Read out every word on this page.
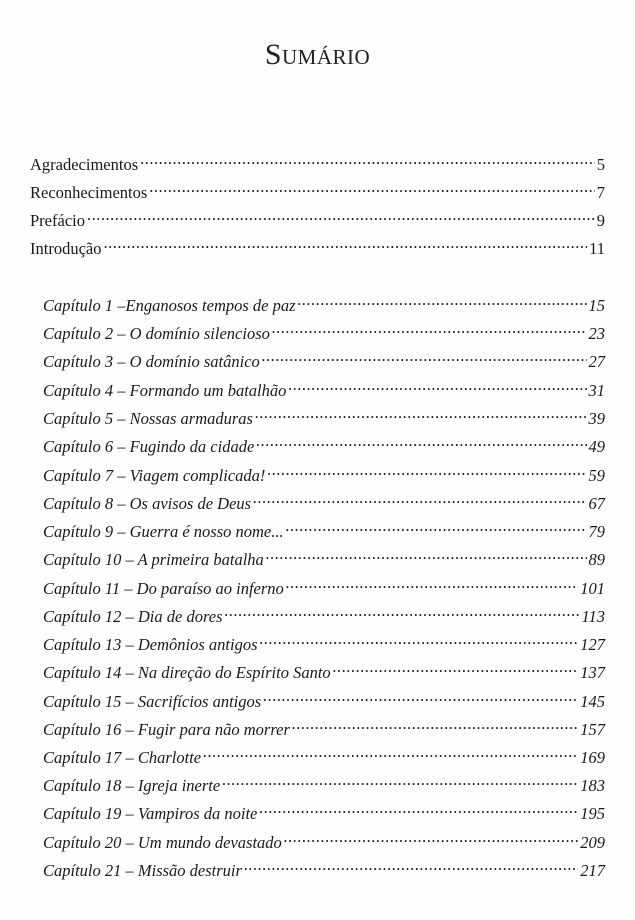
Sumário
Agradecimentos .....	5
Reconhecimentos .....	7
Prefácio .....	9
Introdução .....	11
Capítulo 1 –Enganosos tempos de paz .....	15
Capítulo 2 – O domínio silencioso .....	23
Capítulo 3 – O domínio satânico .....	27
Capítulo 4 – Formando um batalhão .....	31
Capítulo 5 – Nossas armaduras .....	39
Capítulo 6 – Fugindo da cidade .....	49
Capítulo 7 – Viagem complicada! .....	59
Capítulo 8 – Os avisos de Deus .....	67
Capítulo 9 – Guerra é nosso nome... .....	79
Capítulo 10 – A primeira batalha .....	89
Capítulo 11 – Do paraíso ao inferno .....	101
Capítulo 12 – Dia de dores .....	113
Capítulo 13 – Demônios antigos .....	127
Capítulo 14 – Na direção do Espírito Santo .....	137
Capítulo 15 – Sacrifícios antigos .....	145
Capítulo 16 – Fugir para não morrer .....	157
Capítulo 17 – Charlotte .....	169
Capítulo 18 – Igreja inerte .....	183
Capítulo 19 – Vampiros da noite .....	195
Capítulo 20 – Um mundo devastado .....	209
Capítulo 21 – Missão destruir .....	217
